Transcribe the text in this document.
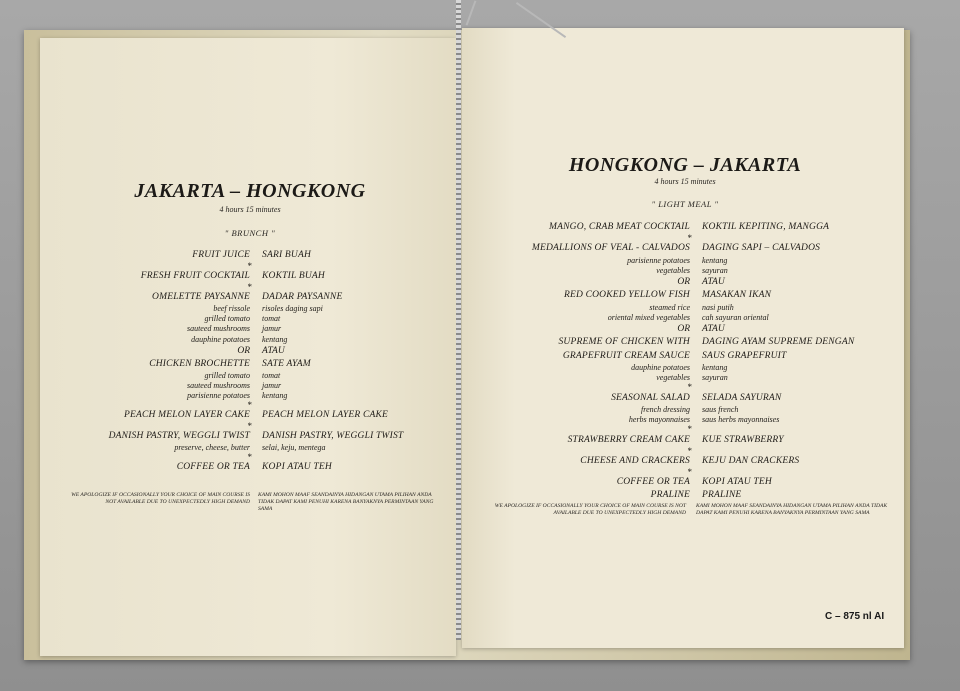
JAKARTA – HONGKONG
4 hours 15 minutes
" BRUNCH "
FRUIT JUICE	SARI BUAH
*
FRESH FRUIT COCKTAIL	KOKTIL BUAH
*
OMELETTE PAYSANNE	DADAR PAYSANNE
beef rissole	risoles daging sapi
grilled tomato	tomat
sauteed mushrooms	jamur
dauphine potatoes	kentang
OR	ATAU
CHICKEN BROCHETTE	SATE AYAM
grilled tomato	tomat
sauteed mushrooms	jamur
parisienne potatoes	kentang
*
PEACH MELON LAYER CAKE	PEACH MELON LAYER CAKE
*
DANISH PASTRY, WEGGLI TWIST	DANISH PASTRY, WEGGLI TWIST
preserve, cheese, butter	selai, keju, mentega
*
COFFEE OR TEA	KOPI ATAU TEH
WE APOLOGIZE IF OCCASIONALLY YOUR CHOICE OF MAIN COURSE IS NOT AVAILABLE DUE TO UNEXPECTEDLY HIGH DEMAND
KAMI MOHON MAAF SEANDAINYA HIDANGAN UTAMA PILIHAN ANDA TIDAK DAPAT KAMI PENUHI KARENA BANYAKNYA PERMINTAAN YANG SAMA
HONGKONG – JAKARTA
4 hours 15 minutes
" LIGHT MEAL "
MANGO, CRAB MEAT COCKTAIL	KOKTIL KEPITING, MANGGA
*
MEDALLIONS OF VEAL - CALVADOS	DAGING SAPI – CALVADOS
parisienne potatoes	kentang
vegetables	sayuran
OR	ATAU
RED COOKED YELLOW FISH	MASAKAN IKAN
steamed rice	nasi putih
oriental mixed vegetables	cah sayuran oriental
OR	ATAU
SUPREME OF CHICKEN WITH	DAGING AYAM SUPREME DENGAN
GRAPEFRUIT CREAM SAUCE	SAUS GRAPEFRUIT
dauphine potatoes	kentang
vegetables	sayuran
*
SEASONAL SALAD	SELADA SAYURAN
french dressing	saus french
herbs mayonnaises	saus herbs mayonnaises
*
STRAWBERRY CREAM CAKE	KUE STRAWBERRY
*
CHEESE AND CRACKERS	KEJU DAN CRACKERS
*
COFFEE OR TEA	KOPI ATAU TEH
PRALINE	PRALINE
WE APOLOGIZE IF OCCASIONALLY YOUR CHOICE OF MAIN COURSE IS NOT AVAILABLE DUE TO UNEXPECTEDLY HIGH DEMAND
KAMI MOHON MAAF SEANDAINYA HIDANGAN UTAMA PILIHAN ANDA TIDAK DAPAT KAMI PENUHI KARENA BANYAKNYA PERMINTAAN YANG SAMA
C – 875 nl AI
